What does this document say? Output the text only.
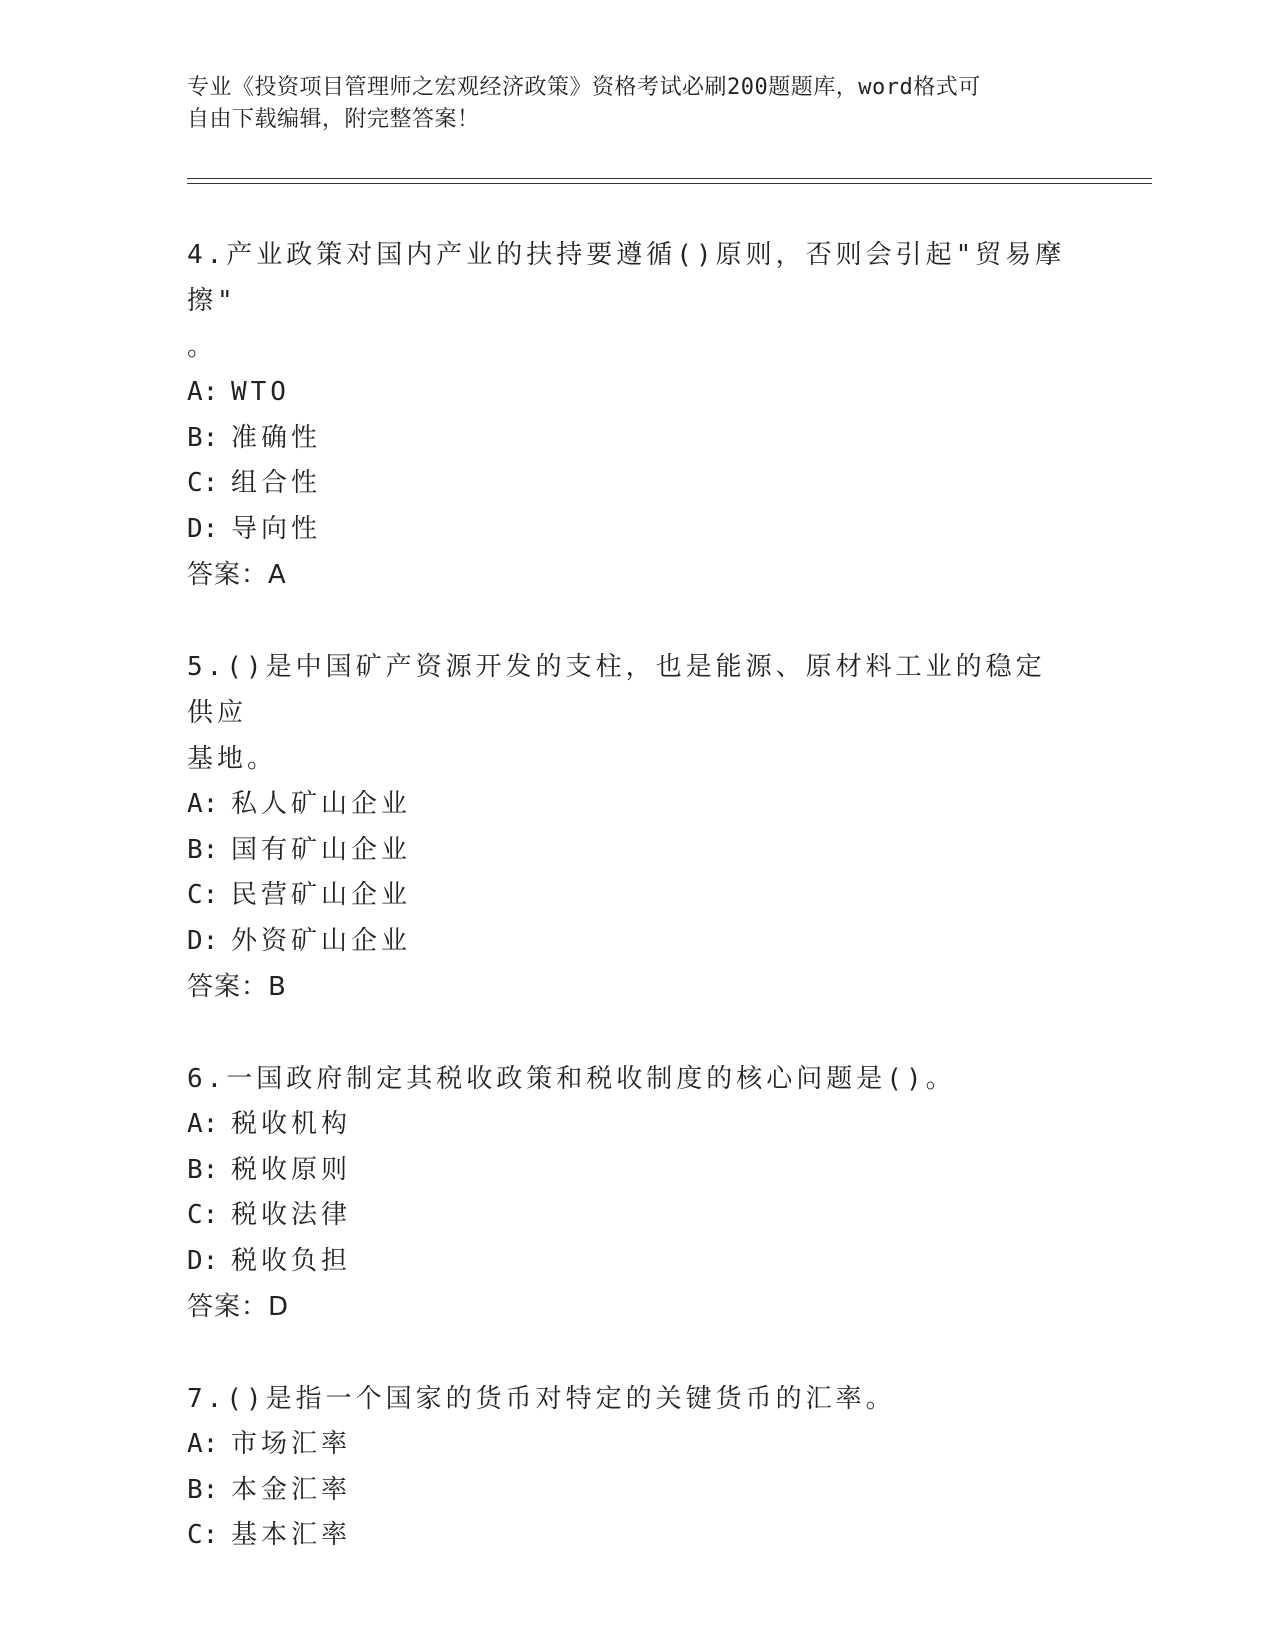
专业《投资项目管理师之宏观经济政策》资格考试必刷200题题库，word格式可
自由下载编辑，附完整答案！
4.产业政策对国内产业的扶持要遵循()原则，否则会引起"贸易摩擦"
。
A: WTO
B: 准确性
C: 组合性
D: 导向性
答案：A
5.()是中国矿产资源开发的支柱，也是能源、原材料工业的稳定供应
基地。
A: 私人矿山企业
B: 国有矿山企业
C: 民营矿山企业
D: 外资矿山企业
答案：B
6.一国政府制定其税收政策和税收制度的核心问题是()。
A: 税收机构
B: 税收原则
C: 税收法律
D: 税收负担
答案：D
7.()是指一个国家的货币对特定的关键货币的汇率。
A: 市场汇率
B: 本金汇率
C: 基本汇率
